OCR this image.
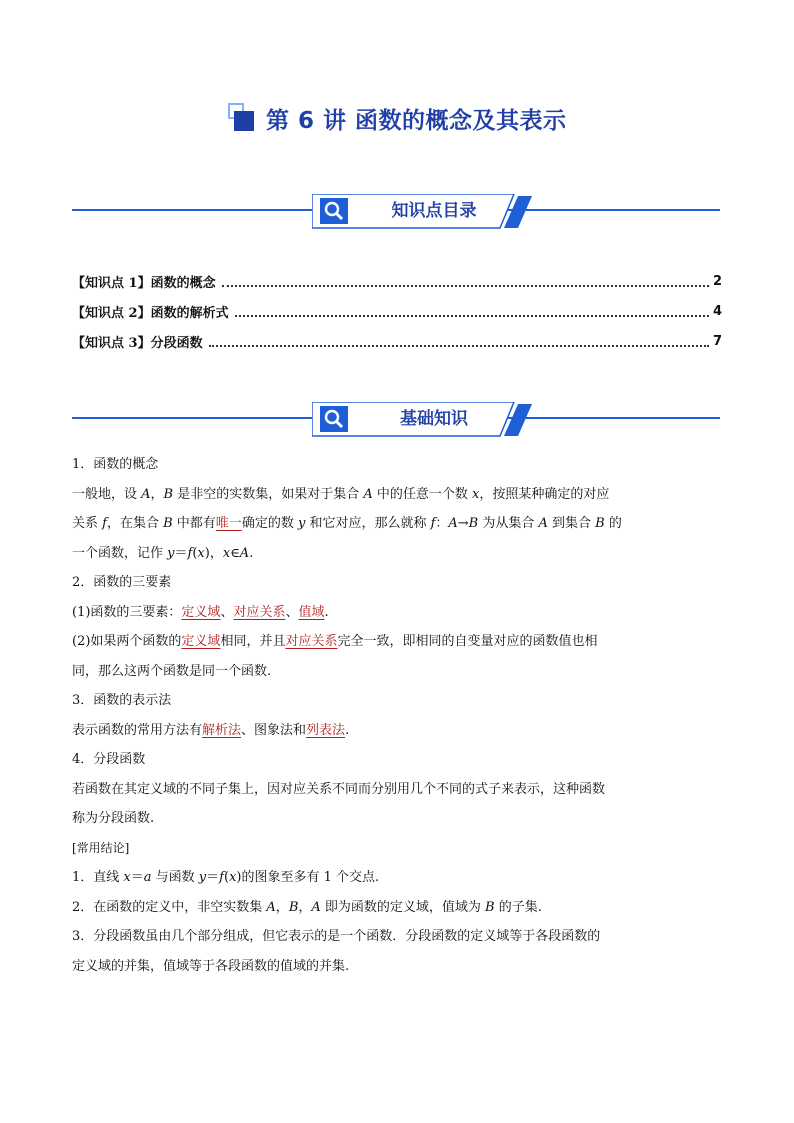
第 6 讲 函数的概念及其表示
知识点目录
【知识点 1】函数的概念	2
【知识点 2】函数的解析式	4
【知识点 3】分段函数	7
基础知识

1．函数的概念

一般地，设 A，B 是非空的实数集，如果对于集合 A 中的任意一个数 x，按照某种确定的对应

关系 f，在集合 B 中都有唯一确定的数 y 和它对应，那么就称 f：A→B 为从集合 A 到集合 B 的

一个函数，记作 y＝f(x)，x∈A.

2．函数的三要素

(1)函数的三要素：定义域、对应关系、值域.

(2)如果两个函数的定义域相同，并且对应关系完全一致，即相同的自变量对应的函数值也相

同，那么这两个函数是同一个函数.

3．函数的表示法

表示函数的常用方法有解析法、图象法和列表法.

4．分段函数

若函数在其定义域的不同子集上，因对应关系不同而分别用几个不同的式子来表示，这种函数

称为分段函数.

[常用结论]

1．直线 x＝a 与函数 y＝f(x)的图象至多有 1 个交点.

2．在函数的定义中，非空实数集 A，B，A 即为函数的定义域，值域为 B 的子集.

3．分段函数虽由几个部分组成，但它表示的是一个函数．分段函数的定义域等于各段函数的

定义域的并集，值域等于各段函数的值域的并集.
